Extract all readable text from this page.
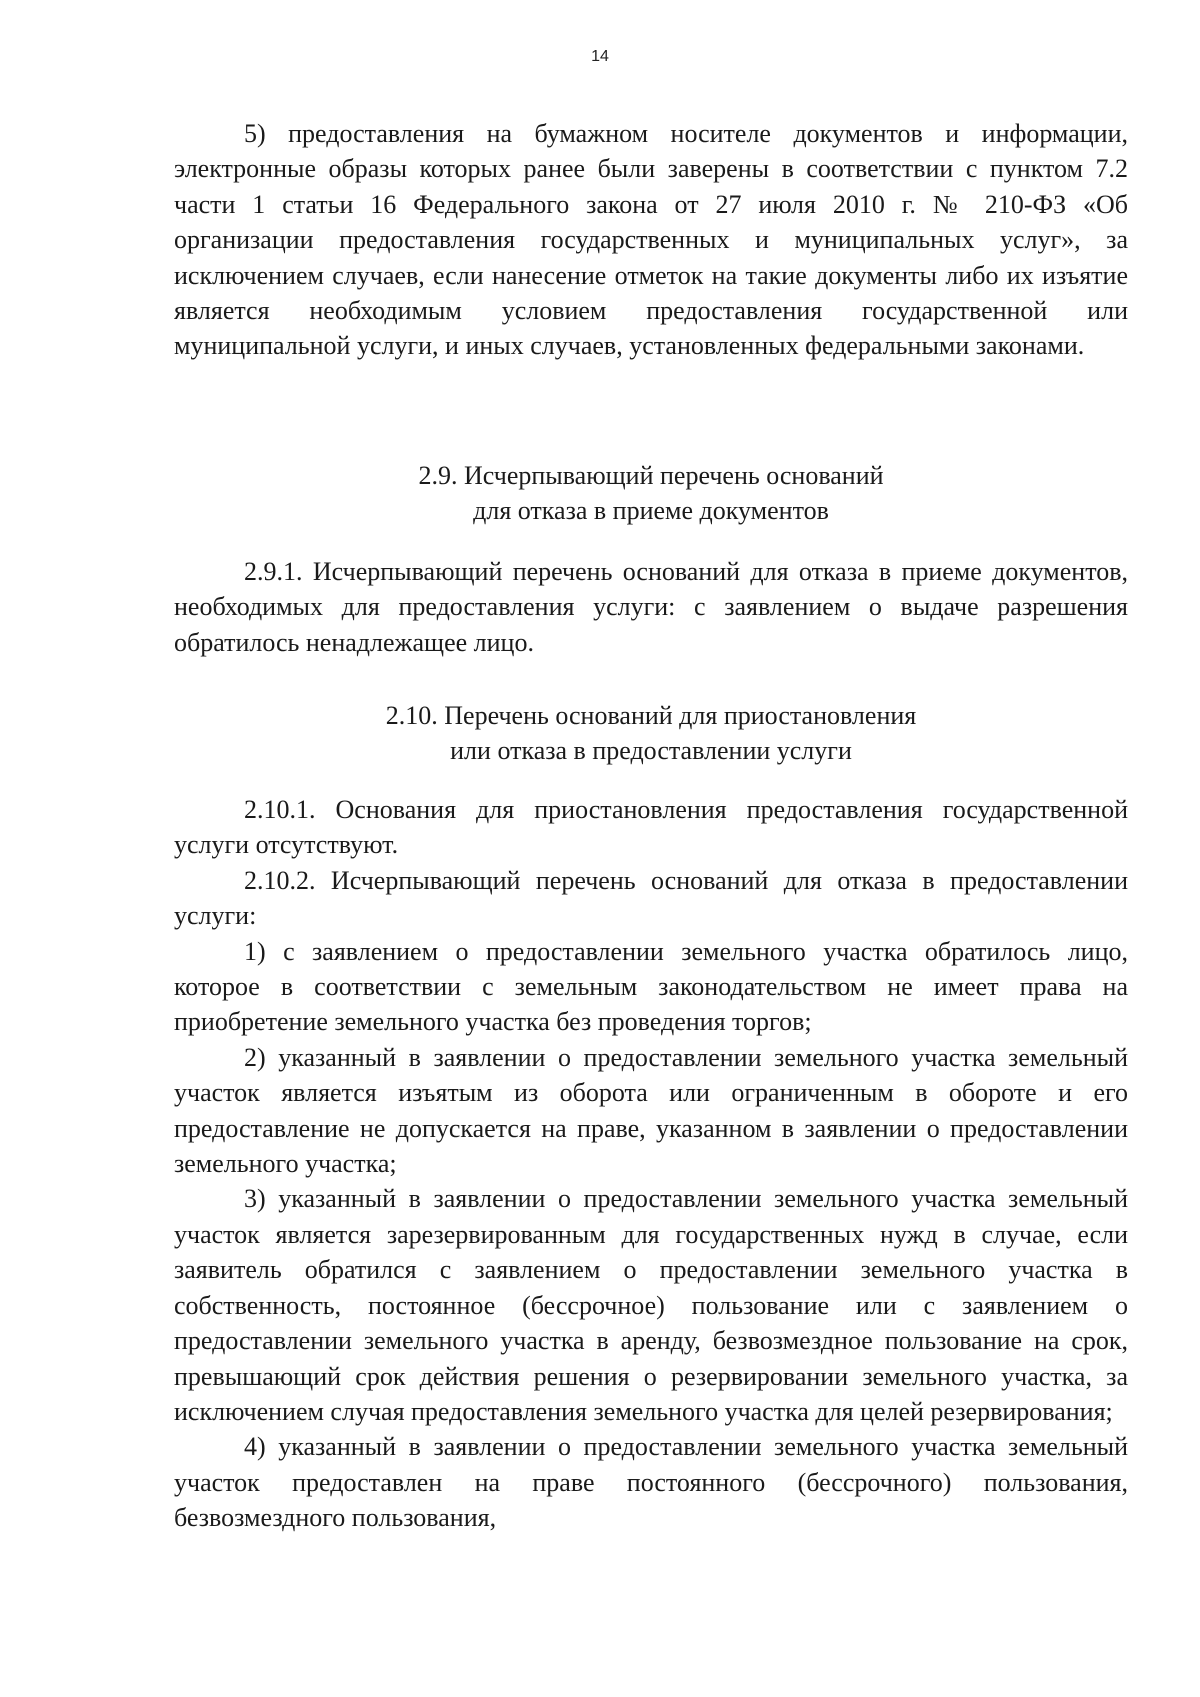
14

5) предоставления на бумажном носителе документов и информации, электронные образы которых ранее были заверены в соответствии с пунктом 7.2 части 1 статьи 16 Федерального закона от 27 июля 2010 г. № 210-ФЗ «Об организации предоставления государственных и муниципальных услуг», за исключением случаев, если нанесение отметок на такие документы либо их изъятие является необходимым условием предоставления государственной или муниципальной услуги, и иных случаев, установленных федеральными законами.

2.9. Исчерпывающий перечень оснований
для отказа в приеме документов

2.9.1. Исчерпывающий перечень оснований для отказа в приеме документов, необходимых для предоставления услуги: с заявлением о выдаче разрешения обратилось ненадлежащее лицо.

2.10. Перечень оснований для приостановления
или отказа в предоставлении услуги

2.10.1. Основания для приостановления предоставления государственной услуги отсутствуют.

2.10.2. Исчерпывающий перечень оснований для отказа в предоставлении услуги:

1) с заявлением о предоставлении земельного участка обратилось лицо, которое в соответствии с земельным законодательством не имеет права на приобретение земельного участка без проведения торгов;

2) указанный в заявлении о предоставлении земельного участка земельный участок является изъятым из оборота или ограниченным в обороте и его предоставление не допускается на праве, указанном в заявлении о предоставлении земельного участка;

3) указанный в заявлении о предоставлении земельного участка земельный участок является зарезервированным для государственных нужд в случае, если заявитель обратился с заявлением о предоставлении земельного участка в собственность, постоянное (бессрочное) пользование или с заявлением о предоставлении земельного участка в аренду, безвозмездное пользование на срок, превышающий срок действия решения о резервировании земельного участка, за исключением случая предоставления земельного участка для целей резервирования;

4) указанный в заявлении о предоставлении земельного участка земельный участок предоставлен на праве постоянного (бессрочного) пользования, безвозмездного пользования,
